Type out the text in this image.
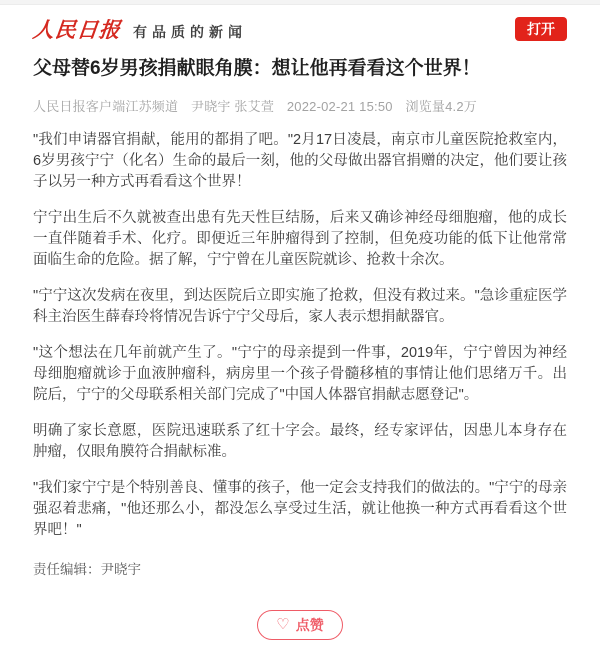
人民日报 有品质的新闻	打开
父母替6岁男孩捐献眼角膜：想让他再看看这个世界！
人民日报客户端江苏频道 尹晓宇 张艾萱 2022-02-21 15:50 浏览量4.2万

"我们申请器官捐献，能用的都捐了吧。"2月17日凌晨，南京市儿童医院抢救室内，6岁男孩宁宁（化名）生命的最后一刻，他的父母做出器官捐赠的决定，他们要让孩子以另一种方式再看看这个世界！

宁宁出生后不久就被查出患有先天性巨结肠，后来又确诊神经母细胞瘤，他的成长一直伴随着手术、化疗。即便近三年肿瘤得到了控制，但免疫功能的低下让他常常面临生命的危险。据了解，宁宁曾在儿童医院就诊、抢救十余次。

"宁宁这次发病在夜里，到达医院后立即实施了抢救，但没有救过来。"急诊重症医学科主治医生薛春玲将情况告诉宁宁父母后，家人表示想捐献器官。

"这个想法在几年前就产生了。"宁宁的母亲提到一件事，2019年，宁宁曾因为神经母细胞瘤就诊于血液肿瘤科，病房里一个孩子骨髓移植的事情让他们思绪万千。出院后，宁宁的父母联系相关部门完成了"中国人体器官捐献志愿登记"。

明确了家长意愿，医院迅速联系了红十字会。最终，经专家评估，因患儿本身存在肿瘤，仅眼角膜符合捐献标准。

"我们家宁宁是个特别善良、懂事的孩子，他一定会支持我们的做法的。"宁宁的母亲强忍着悲痛，"他还那么小，都没怎么享受过生活，就让他换一种方式再看看这个世界吧！"

责任编辑：尹晓宇
♡ 点赞
